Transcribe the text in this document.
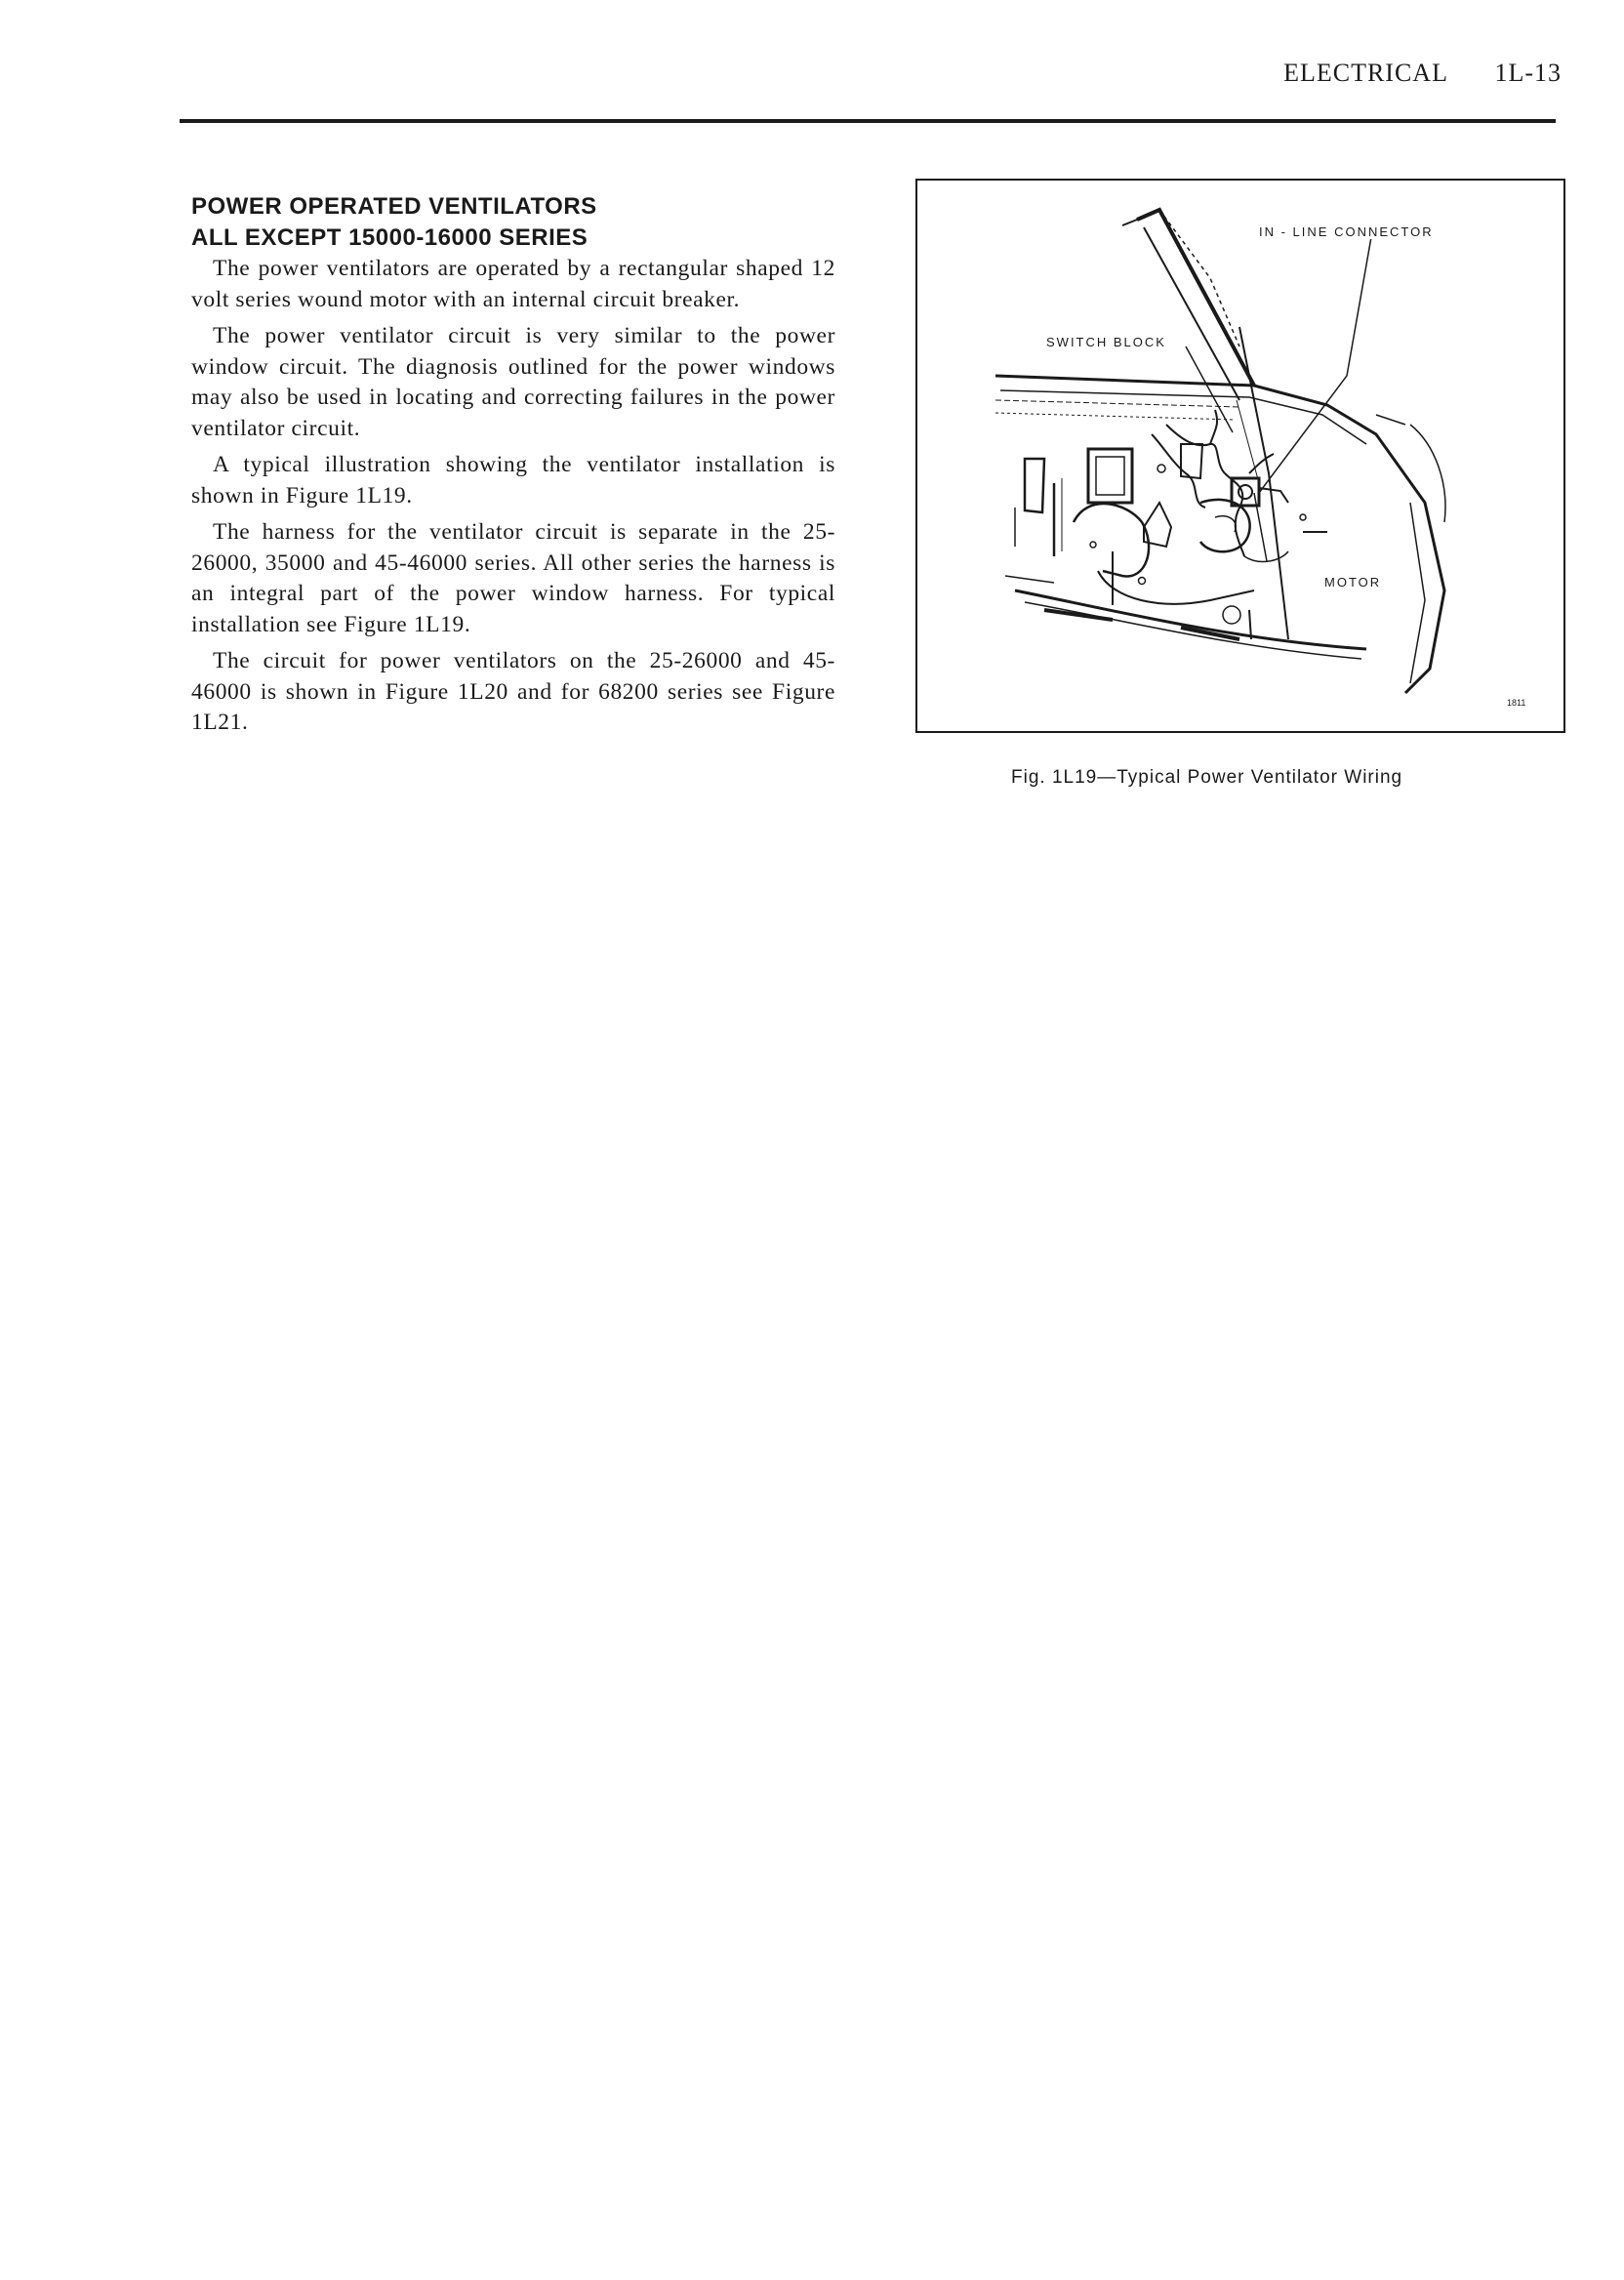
ELECTRICAL 1L-13
POWER OPERATED VENTILATORS
ALL EXCEPT 15000-16000 SERIES

The power ventilators are operated by a rectangular shaped 12 volt series wound motor with an internal circuit breaker.

The power ventilator circuit is very similar to the power window circuit. The diagnosis outlined for the power windows may also be used in locating and correcting failures in the power ventilator circuit.

A typical illustration showing the ventilator installation is shown in Figure 1L19.

The harness for the ventilator circuit is separate in the 25-26000, 35000 and 45-46000 series. All other series the harness is an integral part of the power window harness. For typical installation see Figure 1L19.

The circuit for power ventilators on the 25-26000 and 45-46000 is shown in Figure 1L20 and for 68200 series see Figure 1L21.

IN - LINE CONNECTOR
SWITCH BLOCK
MOTOR
1811
Fig. 1L19—Typical Power Ventilator Wiring
